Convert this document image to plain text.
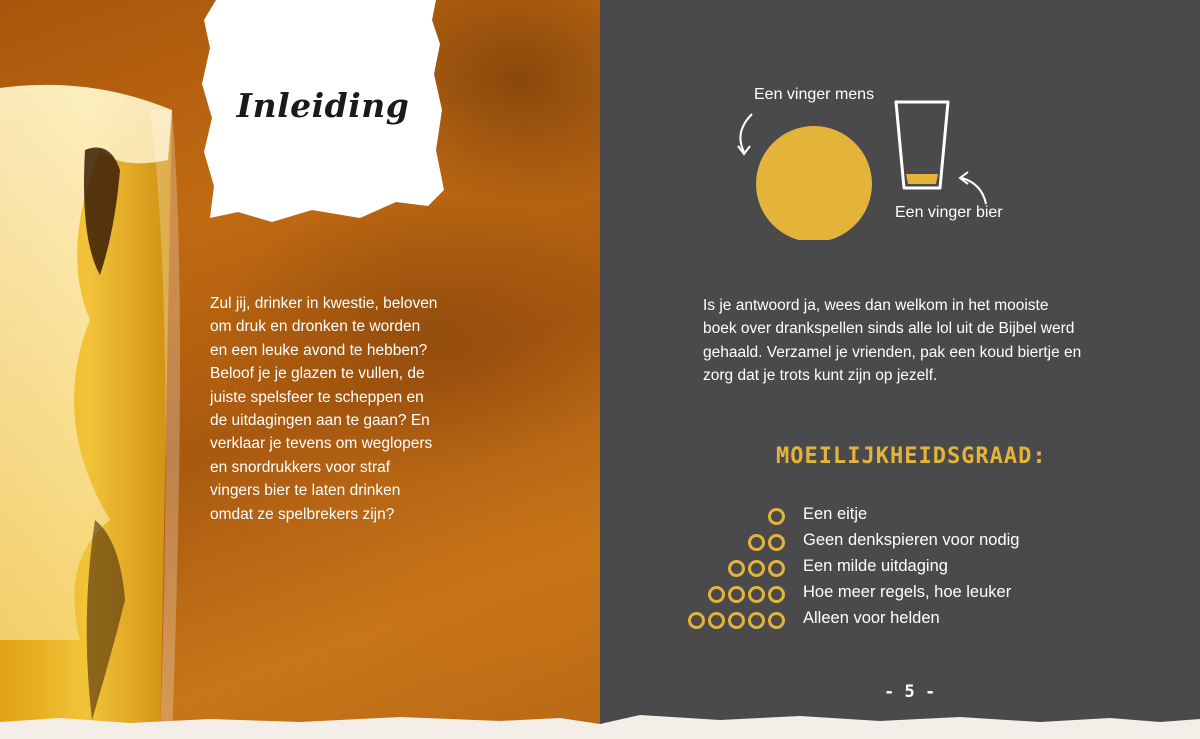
Inleiding
Zul jij, drinker in kwestie, beloven
om druk en dronken te worden
en een leuke avond te hebben?
Beloof je je glazen te vullen, de
juiste spelsfeer te scheppen en
de uitdagingen aan te gaan? En
verklaar je tevens om weglopers
en snordrukkers voor straf
vingers bier te laten drinken
omdat ze spelbrekers zijn?
Een vinger mens
Een vinger bier
Is je antwoord ja, wees dan welkom in het mooiste
boek over drankspellen sinds alle lol uit de Bijbel werd
gehaald. Verzamel je vrienden, pak een koud biertje en
zorg dat je trots kunt zijn op jezelf.
MOEILIJKHEIDSGRAAD:
Een eitje
Geen denkspieren voor nodig
Een milde uitdaging
Hoe meer regels, hoe leuker
Alleen voor helden
- 5 -
